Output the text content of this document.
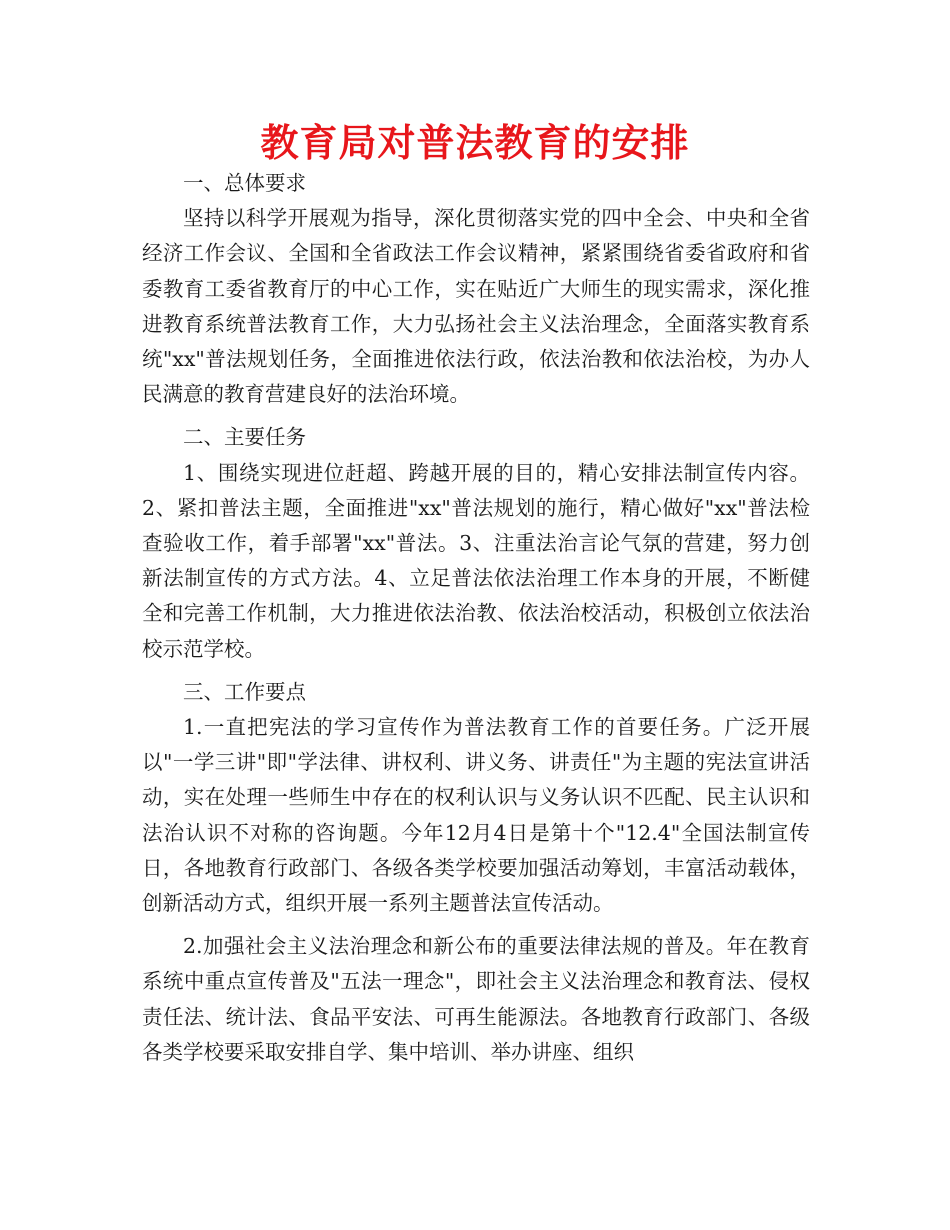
教育局对普法教育的安排

一、总体要求

坚持以科学开展观为指导，深化贯彻落实党的四中全会、中央和全省经济工作会议、全国和全省政法工作会议精神，紧紧围绕省委省政府和省委教育工委省教育厅的中心工作，实在贴近广大师生的现实需求，深化推进教育系统普法教育工作，大力弘扬社会主义法治理念，全面落实教育系统"xx"普法规划任务，全面推进依法行政，依法治教和依法治校，为办人民满意的教育营建良好的法治环境。

二、主要任务

1、围绕实现进位赶超、跨越开展的目的，精心安排法制宣传内容。2、紧扣普法主题，全面推进"xx"普法规划的施行，精心做好"xx"普法检查验收工作，着手部署"xx"普法。3、注重法治言论气氛的营建，努力创新法制宣传的方式方法。4、立足普法依法治理工作本身的开展，不断健全和完善工作机制，大力推进依法治教、依法治校活动，积极创立依法治校示范学校。

三、工作要点

1.一直把宪法的学习宣传作为普法教育工作的首要任务。广泛开展以"一学三讲"即"学法律、讲权利、讲义务、讲责任"为主题的宪法宣讲活动，实在处理一些师生中存在的权利认识与义务认识不匹配、民主认识和法治认识不对称的咨询题。今年12月4日是第十个"12.4"全国法制宣传日，各地教育行政部门、各级各类学校要加强活动筹划，丰富活动载体，创新活动方式，组织开展一系列主题普法宣传活动。

2.加强社会主义法治理念和新公布的重要法律法规的普及。年在教育系统中重点宣传普及"五法一理念"，即社会主义法治理念和教育法、侵权责任法、统计法、食品平安法、可再生能源法。各地教育行政部门、各级各类学校要采取安排自学、集中培训、举办讲座、组织
